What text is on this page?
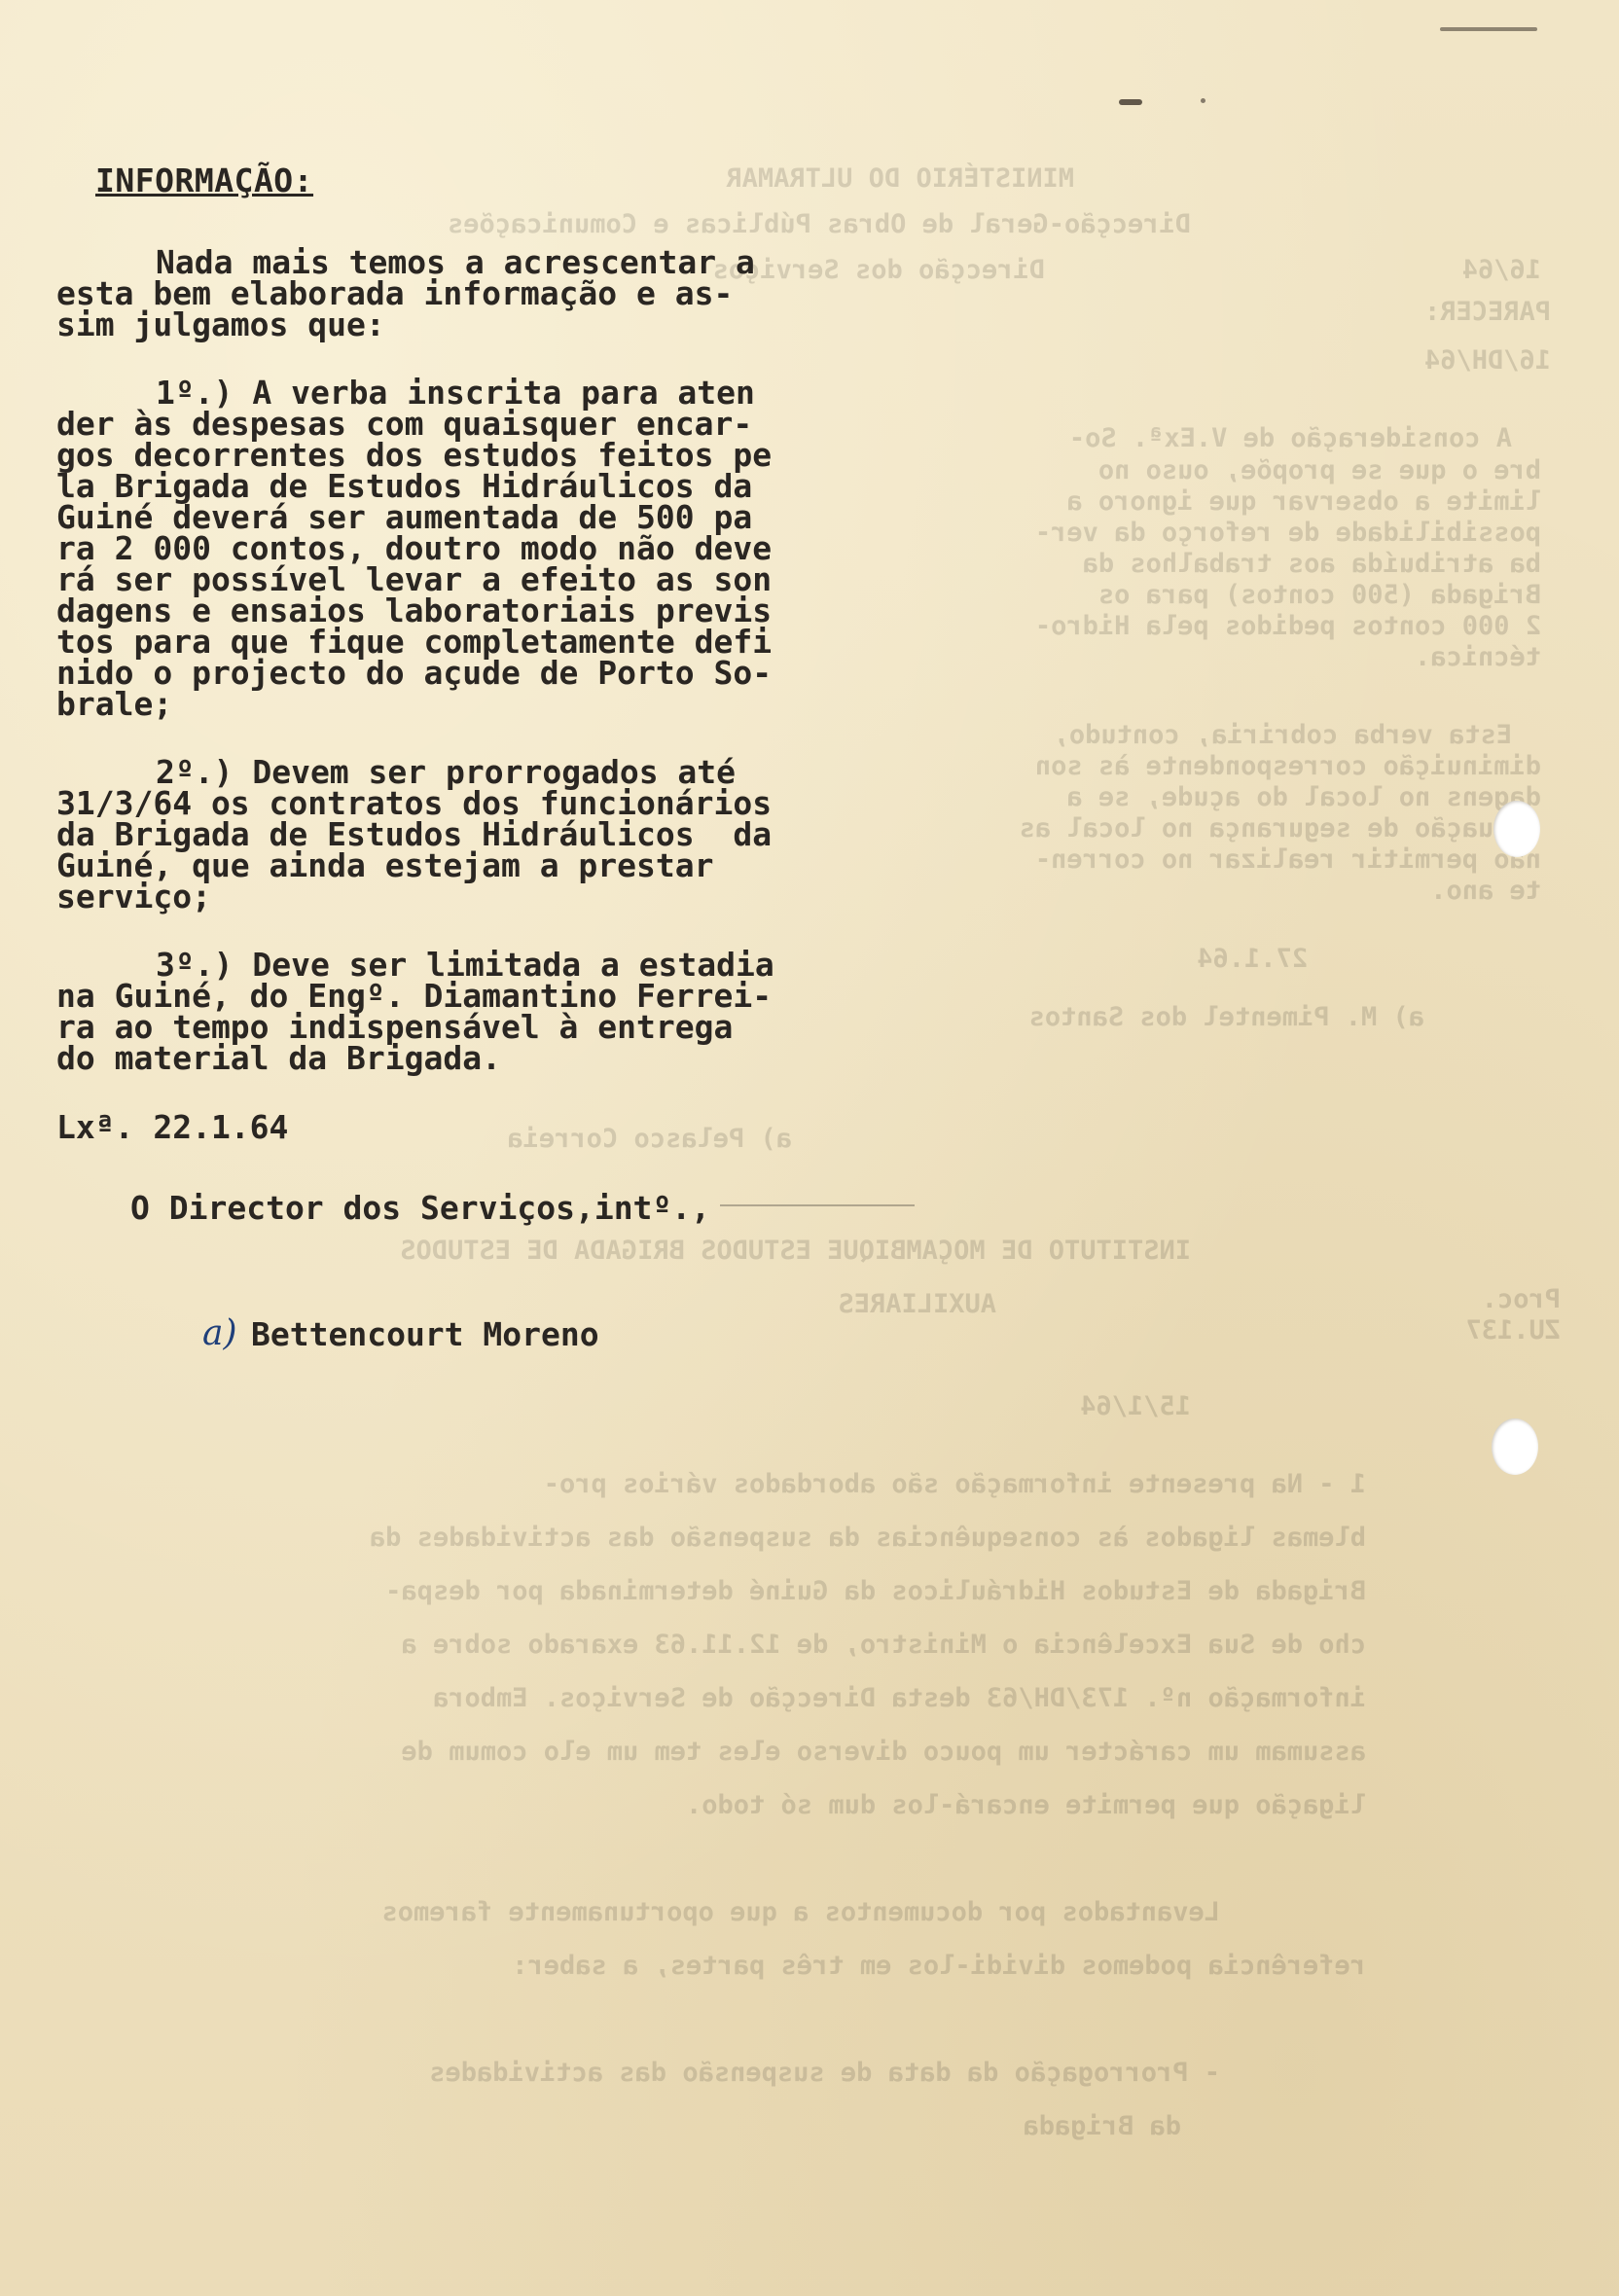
MINISTÉRIO DO ULTRAMAR
Direcção-Geral de Obras Públicas e Comunicações
Direcção dos Serviços	16/64
PARECER:
16/DH/64
A consideração de V.Exª. So-
bre o que se propõe, ouso no
limite a observar que ignoro a
possibilidade de reforço da ver-
ba atribuída aos trabalhos da
Brigada (500 contos) para os
2 000 contos pedidos pela Hidro-
técnica.
Esta verba cobriria, contudo,
diminuição correspondente às son
dagens no local do açude, se a
situação de segurança no local as
não permitir realizar no corren-
te ano.
27.1.64
a) M. Pimentel dos Santos
a) Pelasco Correia
INSTITUTO DE MOÇAMBIQUE ESTUDOS BRIGADA DE ESTUDOS
AUXILIARES	Proc.
ZU.137
15/1/64
1 - Na presente informação são abordados vários pro-
blemas ligados às consequências da suspensão das actividades da
Brigada de Estudos Hidráulicos da Guiné determinada por despa-
cho de Sua Excelência o Ministro, de 12.11.63 exarado sobre a
informação nº. 173/DH/63 desta Direcção de Serviços. Embora
assumam um carácter um pouco diverso eles tem um elo comum de
ligação que permite encará-los dum só todo.
Levantados por documentos a que oportunamente faremos
referência podemos dividi-los em três partes, a saber:
- Prorrogação da data de suspensão das actividades
da Brigada
INFORMAÇÃO:
Nada mais temos a acrescentar a
esta bem elaborada informação e as-
sim julgamos que:
1º.) A verba inscrita para aten
der às despesas com quaisquer encar-
gos decorrentes dos estudos feitos pe
la Brigada de Estudos Hidráulicos da
Guiné deverá ser aumentada de 500 pa
ra 2 000 contos, doutro modo não deve
rá ser possível levar a efeito as son
dagens e ensaios laboratoriais previs
tos para que fique completamente defi
nido o projecto do açude de Porto So-
brale;
2º.) Devem ser prorrogados até
31/3/64 os contratos dos funcionários
da Brigada de Estudos Hidráulicos  da
Guiné, que ainda estejam a prestar
serviço;
3º.) Deve ser limitada a estadia
na Guiné, do Engº. Diamantino Ferrei-
ra ao tempo indispensável à entrega
do material da Brigada.
Lxª. 22.1.64
O Director dos Serviços,intº.,
a) Bettencourt Moreno
